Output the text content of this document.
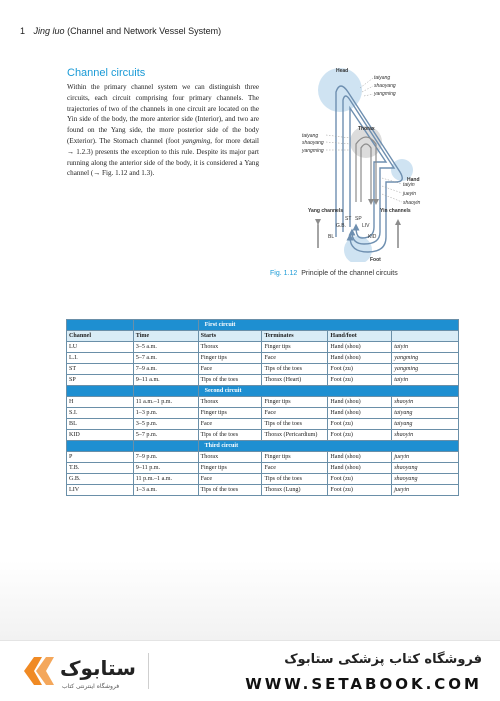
1 Jing luo (Channel and Network Vessel System)
Channel circuits
Within the primary channel system we can distinguish three circuits, each circuit comprising four primary channels. The trajectories of two of the channels in one circuit are located on the Yin side of the body, the more anterior side (Interior), and two are found on the Yang side, the more posterior side of the body (Exterior). The Stomach channel (foot yangming, for more detail → 1.2.3) presents the exception to this rule. Despite its major part running along the anterior side of the body, it is considered a Yang channel (→ Fig. 1.12 and 1.3).
Head
taiyang
shaoyang
yangming
Thorax
taiyang
shaoyang
yangming
Hand
taiyin
jueyin
shaoyin
Yang channels	Yin channels
BL
G.B.
ST SP
LIV
KID
Foot
Fig. 1.12 Principle of the channel circuits
		First circuit			
Channel	Time	Starts	Terminates	Hand/foot	
LU	3–5 a.m.	Thorax	Finger tips	Hand (shou)	taiyin
L.I.	5–7 a.m.	Finger tips	Face	Hand (shou)	yangming
ST	7–9 a.m.	Face	Tips of the toes	Foot (zu)	yangming
SP	9–11 a.m.	Tips of the toes	Thorax (Heart)	Foot (zu)	taiyin
		Second circuit			
H	11 a.m.–1 p.m.	Thorax	Finger tips	Hand (shou)	shaoyin
S.I.	1–3 p.m.	Finger tips	Face	Hand (shou)	taiyang
BL	3–5 p.m.	Face	Tips of the toes	Foot (zu)	taiyang
KID	5–7 p.m.	Tips of the toes	Thorax (Pericardium)	Foot (zu)	shaoyin
		Third circuit			
P	7–9 p.m.	Thorax	Finger tips	Hand (shou)	jueyin
T.B.	9–11 p.m.	Finger tips	Face	Hand (shou)	shaoyang
G.B.	11 p.m.–1 a.m.	Face	Tips of the toes	Foot (zu)	shaoyang
LIV	1–3 a.m.	Tips of the toes	Thorax (Lung)	Foot (zu)	jueyin
ستابوک
فروشگاه اینترنتی کتاب
فروشگاه کتاب پزشکی ستابوک
WWW.SETABOOK.COM
